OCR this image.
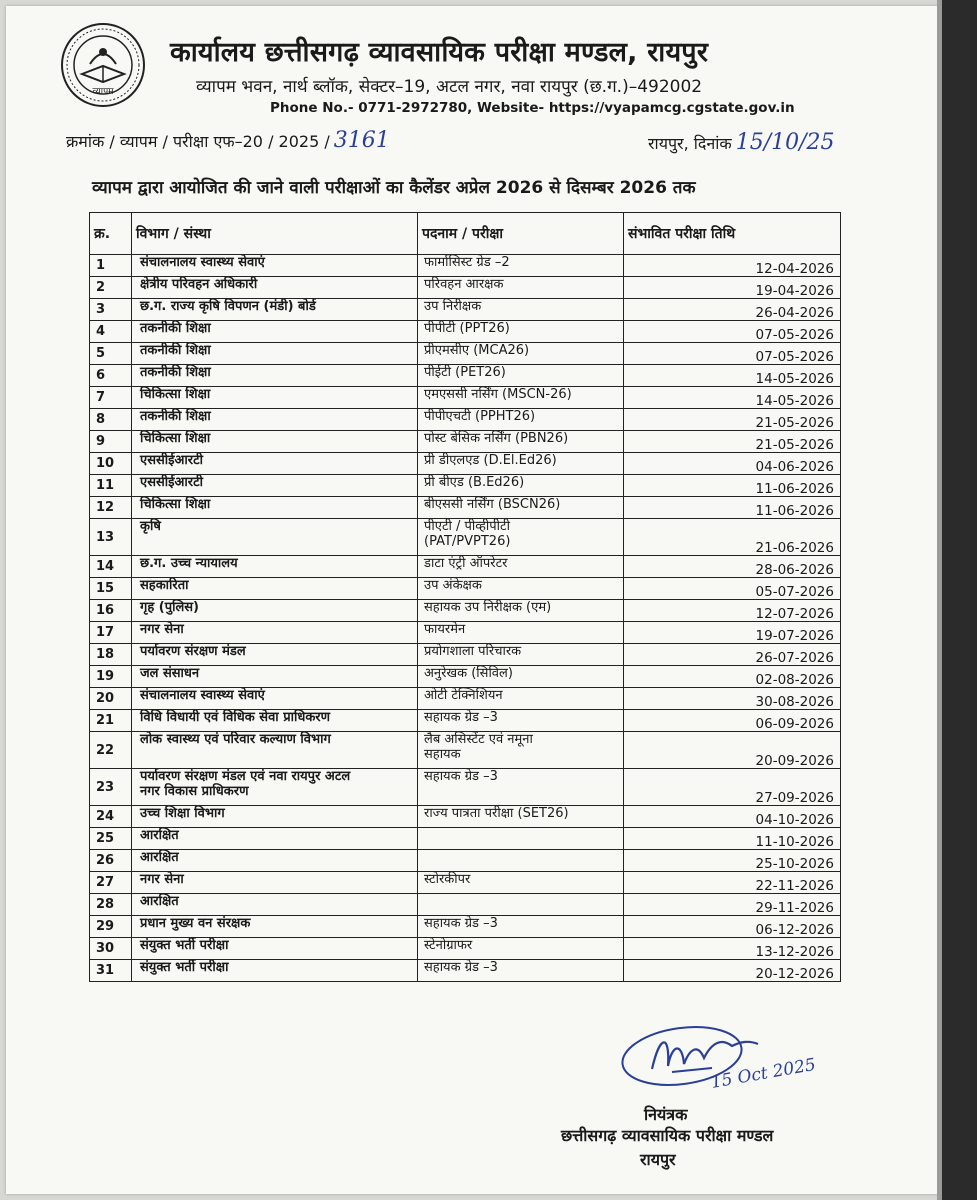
व्यापम
कार्यालय छत्तीसगढ़ व्यावसायिक परीक्षा मण्डल, रायपुर
व्यापम भवन, नार्थ ब्लॉक, सेक्टर–19, अटल नगर, नवा रायपुर (छ.ग.)–492002
Phone No.- 0771-2972780, Website- https://vyapamcg.cgstate.gov.in
क्रमांक / व्यापम / परीक्षा एफ–20 / 2025 / 3161	रायपुर, दिनांक 15/10/25
व्यापम द्वारा आयोजित की जाने वाली परीक्षाओं का कैलेंडर अप्रेल 2026 से दिसम्बर 2026 तक
क्र.	विभाग / संस्था	पदनाम / परीक्षा	संभावित परीक्षा तिथि

1	संचालनालय स्वास्थ्य सेवाएं	फार्मासिस्ट ग्रेड –2	12-04-2026

2	क्षेत्रीय परिवहन अधिकारी	परिवहन आरक्षक	19-04-2026

3	छ.ग. राज्य कृषि विपणन (मंडी) बोर्ड	उप निरीक्षक	26-04-2026

4	तकनीकी शिक्षा	पीपीटी (PPT26)	07-05-2026

5	तकनीकी शिक्षा	प्रीएमसीए (MCA26)	07-05-2026

6	तकनीकी शिक्षा	पीईटी (PET26)	14-05-2026

7	चिकित्सा शिक्षा	एमएससी नर्सिंग (MSCN-26)	14-05-2026

8	तकनीकी शिक्षा	पीपीएचटी (PPHT26)	21-05-2026

9	चिकित्सा शिक्षा	पोस्ट बेसिक नर्सिंग (PBN26)	21-05-2026

10	एससीईआरटी	प्री डीएलएड (D.El.Ed26)	04-06-2026

11	एससीईआरटी	प्री बीएड (B.Ed26)	11-06-2026

12	चिकित्सा शिक्षा	बीएससी नर्सिंग (BSCN26)	11-06-2026

13	कृषि	पीएटी / पीव्हीपीटी
(PAT/PVPT26)	21-06-2026

14	छ.ग. उच्च न्यायालय	डाटा एंट्री ऑपरेटर	28-06-2026

15	सहकारिता	उप अंकेक्षक	05-07-2026

16	गृह (पुलिस)	सहायक उप निरीक्षक (एम)	12-07-2026

17	नगर सेना	फायरमेन	19-07-2026

18	पर्यावरण संरक्षण मंडल	प्रयोगशाला परिचारक	26-07-2026

19	जल संसाधन	अनुरेखक (सिविल)	02-08-2026

20	संचालनालय स्वास्थ्य सेवाएं	ओटी टेक्निशियन	30-08-2026

21	विधि विधायी एवं विधिक सेवा प्राधिकरण	सहायक ग्रेड –3	06-09-2026

22	लोक स्वास्थ्य एवं परिवार कल्याण विभाग	लैब असिस्टेंट एवं नमूना
सहायक	20-09-2026

23	पर्यावरण संरक्षण मंडल एवं नवा रायपुर अटल
नगर विकास प्राधिकरण	सहायक ग्रेड –3	27-09-2026

24	उच्च शिक्षा विभाग	राज्य पात्रता परीक्षा (SET26)	04-10-2026

25	आरक्षित		11-10-2026

26	आरक्षित		25-10-2026

27	नगर सेना	स्टोरकीपर	22-11-2026

28	आरक्षित		29-11-2026

29	प्रधान मुख्य वन संरक्षक	सहायक ग्रेड –3	06-12-2026

30	संयुक्त भर्ती परीक्षा	स्टेनोग्राफर	13-12-2026

31	संयुक्त भर्ती परीक्षा	सहायक ग्रेड –3	20-12-2026
15 Oct 2025
नियंत्रक
छत्तीसगढ़ व्यावसायिक परीक्षा मण्डल
रायपुर
